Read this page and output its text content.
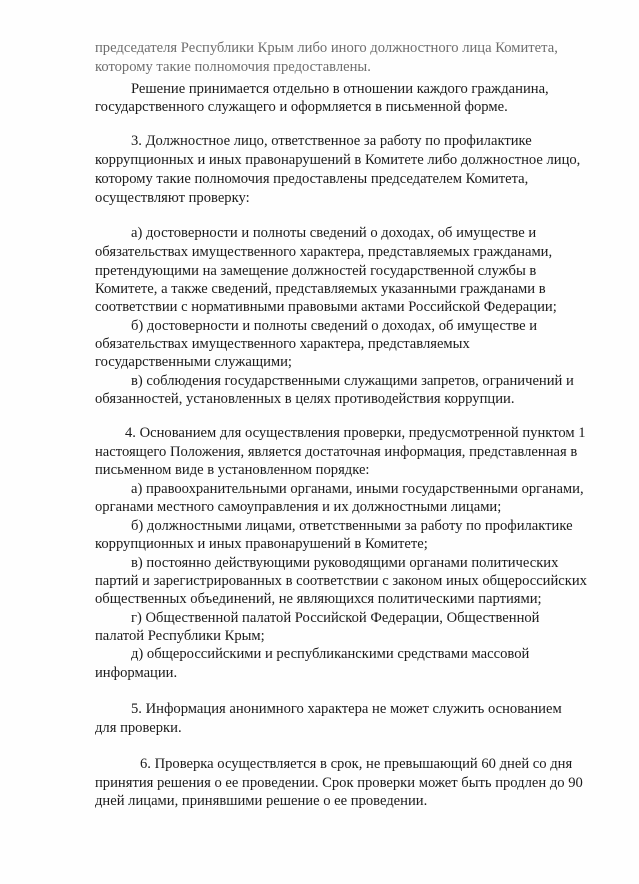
председателя Республики Крым либо иного должностного лица Комитета,
которому такие полномочия предоставлены.
Решение принимается отдельно в отношении каждого гражданина,
государственного служащего и оформляется в письменной форме.
3. Должностное лицо, ответственное за работу по профилактике
коррупционных и иных правонарушений в Комитете либо должностное лицо,
которому такие полномочия предоставлены председателем Комитета,
осуществляют проверку:
а) достоверности и полноты сведений о доходах, об имуществе и
обязательствах имущественного характера, представляемых гражданами,
претендующими на замещение должностей государственной службы в
Комитете, а также сведений, представляемых указанными гражданами в
соответствии с нормативными правовыми актами Российской Федерации;
б) достоверности и полноты сведений о доходах, об имуществе и
обязательствах имущественного характера, представляемых
государственными служащими;
в) соблюдения государственными служащими запретов, ограничений и
обязанностей, установленных в целях противодействия коррупции.
4. Основанием для осуществления проверки, предусмотренной пунктом 1
настоящего Положения, является достаточная информация, представленная в
письменном виде в установленном порядке:
а) правоохранительными органами, иными государственными органами,
органами местного самоуправления и их должностными лицами;
б) должностными лицами, ответственными за работу по профилактике
коррупционных и иных правонарушений в Комитете;
в) постоянно действующими руководящими органами политических
партий и зарегистрированных в соответствии с законом иных общероссийских
общественных объединений, не являющихся политическими партиями;
г) Общественной палатой Российской Федерации, Общественной
палатой Республики Крым;
д) общероссийскими и республиканскими средствами массовой
информации.
5. Информация анонимного характера не может служить основанием
для проверки.
6. Проверка осуществляется в срок, не превышающий 60 дней со дня
принятия решения о ее проведении. Срок проверки может быть продлен до 90
дней лицами, принявшими решение о ее проведении.
